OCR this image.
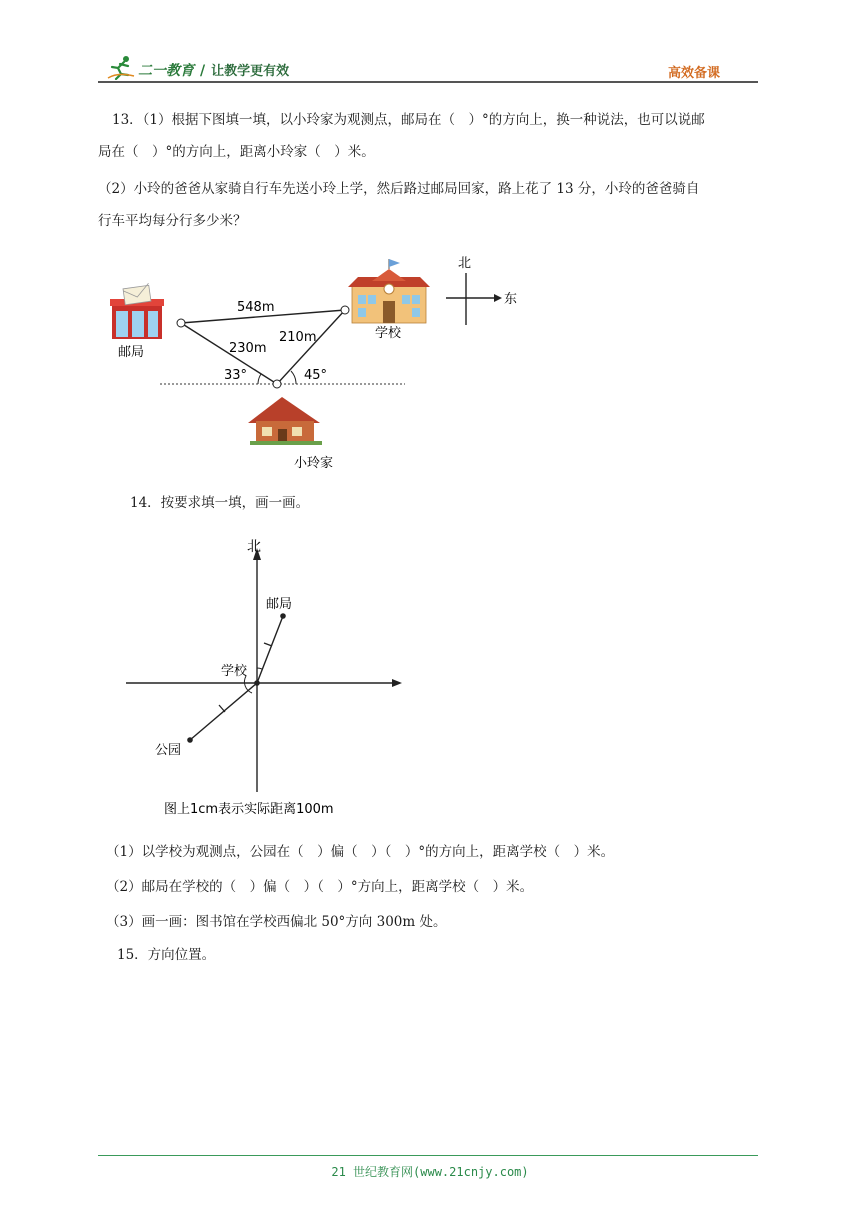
二一教育 / 让教学更有效	高效备课
13．（1）根据下图填一填，以小玲家为观测点，邮局在（　）°的方向上，换一种说法，也可以说邮
局在（　）°的方向上，距离小玲家（　）米。
（2）小玲的爸爸从家骑自行车先送小玲上学，然后路过邮局回家，路上花了 13 分，小玲的爸爸骑自
行车平均每分行多少米？
邮局
学校
小玲家
548m
230m
210m
33°	45°
北
东
14．按要求填一填，画一画。
北
邮局
学校
公园
图上1cm表示实际距离100m
（1）以学校为观测点，公园在（　）偏（　）（　）°的方向上，距离学校（　）米。
（2）邮局在学校的（　）偏（　）（　）°方向上，距离学校（　）米。
（3）画一画：图书馆在学校西偏北 50°方向 300m 处。
15．方向位置。
21 世纪教育网(www.21cnjy.com)
